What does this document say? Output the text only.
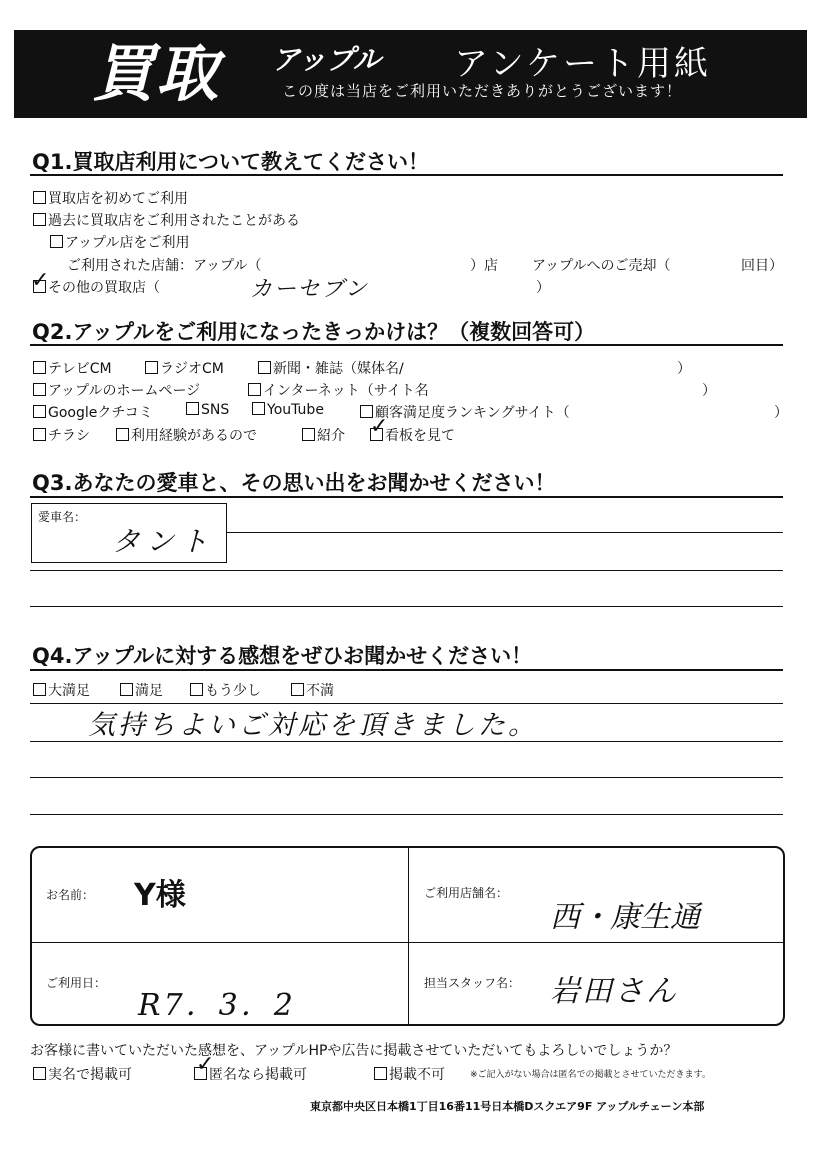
買取 アップル アンケート用紙
この度は当店をご利用いただきありがとうございます！
Q1.買取店利用について教えてください！
買取店を初めてご利用
過去に買取店をご利用されたことがある
アップル店をご利用
ご利用された店舗：アップル（	）店 アップルへのご売却（	回目）
その他の買取店（
✓	カーセブン	）
Q2.アップルをご利用になったきっかけは？（複数回答可）
テレビCM	ラジオCM	新聞・雑誌（媒体名/	）
アップルのホームページ	インターネット（サイト名	）
Googleクチコミ	SNS	YouTube	顧客満足度ランキングサイト（	）
チラシ	利用経験があるので	紹介	看板を見て
✓
Q3.あなたの愛車と、その思い出をお聞かせください！
愛車名：
タント
Q4.アップルに対する感想をぜひお聞かせください！
大満足	満足	もう少し	不満
気持ちよいご対応を頂きました。
お名前： Y様	ご利用店舗名：
西・康生通
ご利用日：
R7．3．2
担当スタッフ名： 岩田さん
お客様に書いていただいた感想を、アップルHPや広告に掲載させていただいてもよろしいでしょうか？
実名で掲載可	匿名なら掲載可
✓	掲載不可	※ご記入がない場合は匿名での掲載とさせていただきます。
東京都中央区日本橋1丁目16番11号日本橋Dスクエア9F アップルチェーン本部
